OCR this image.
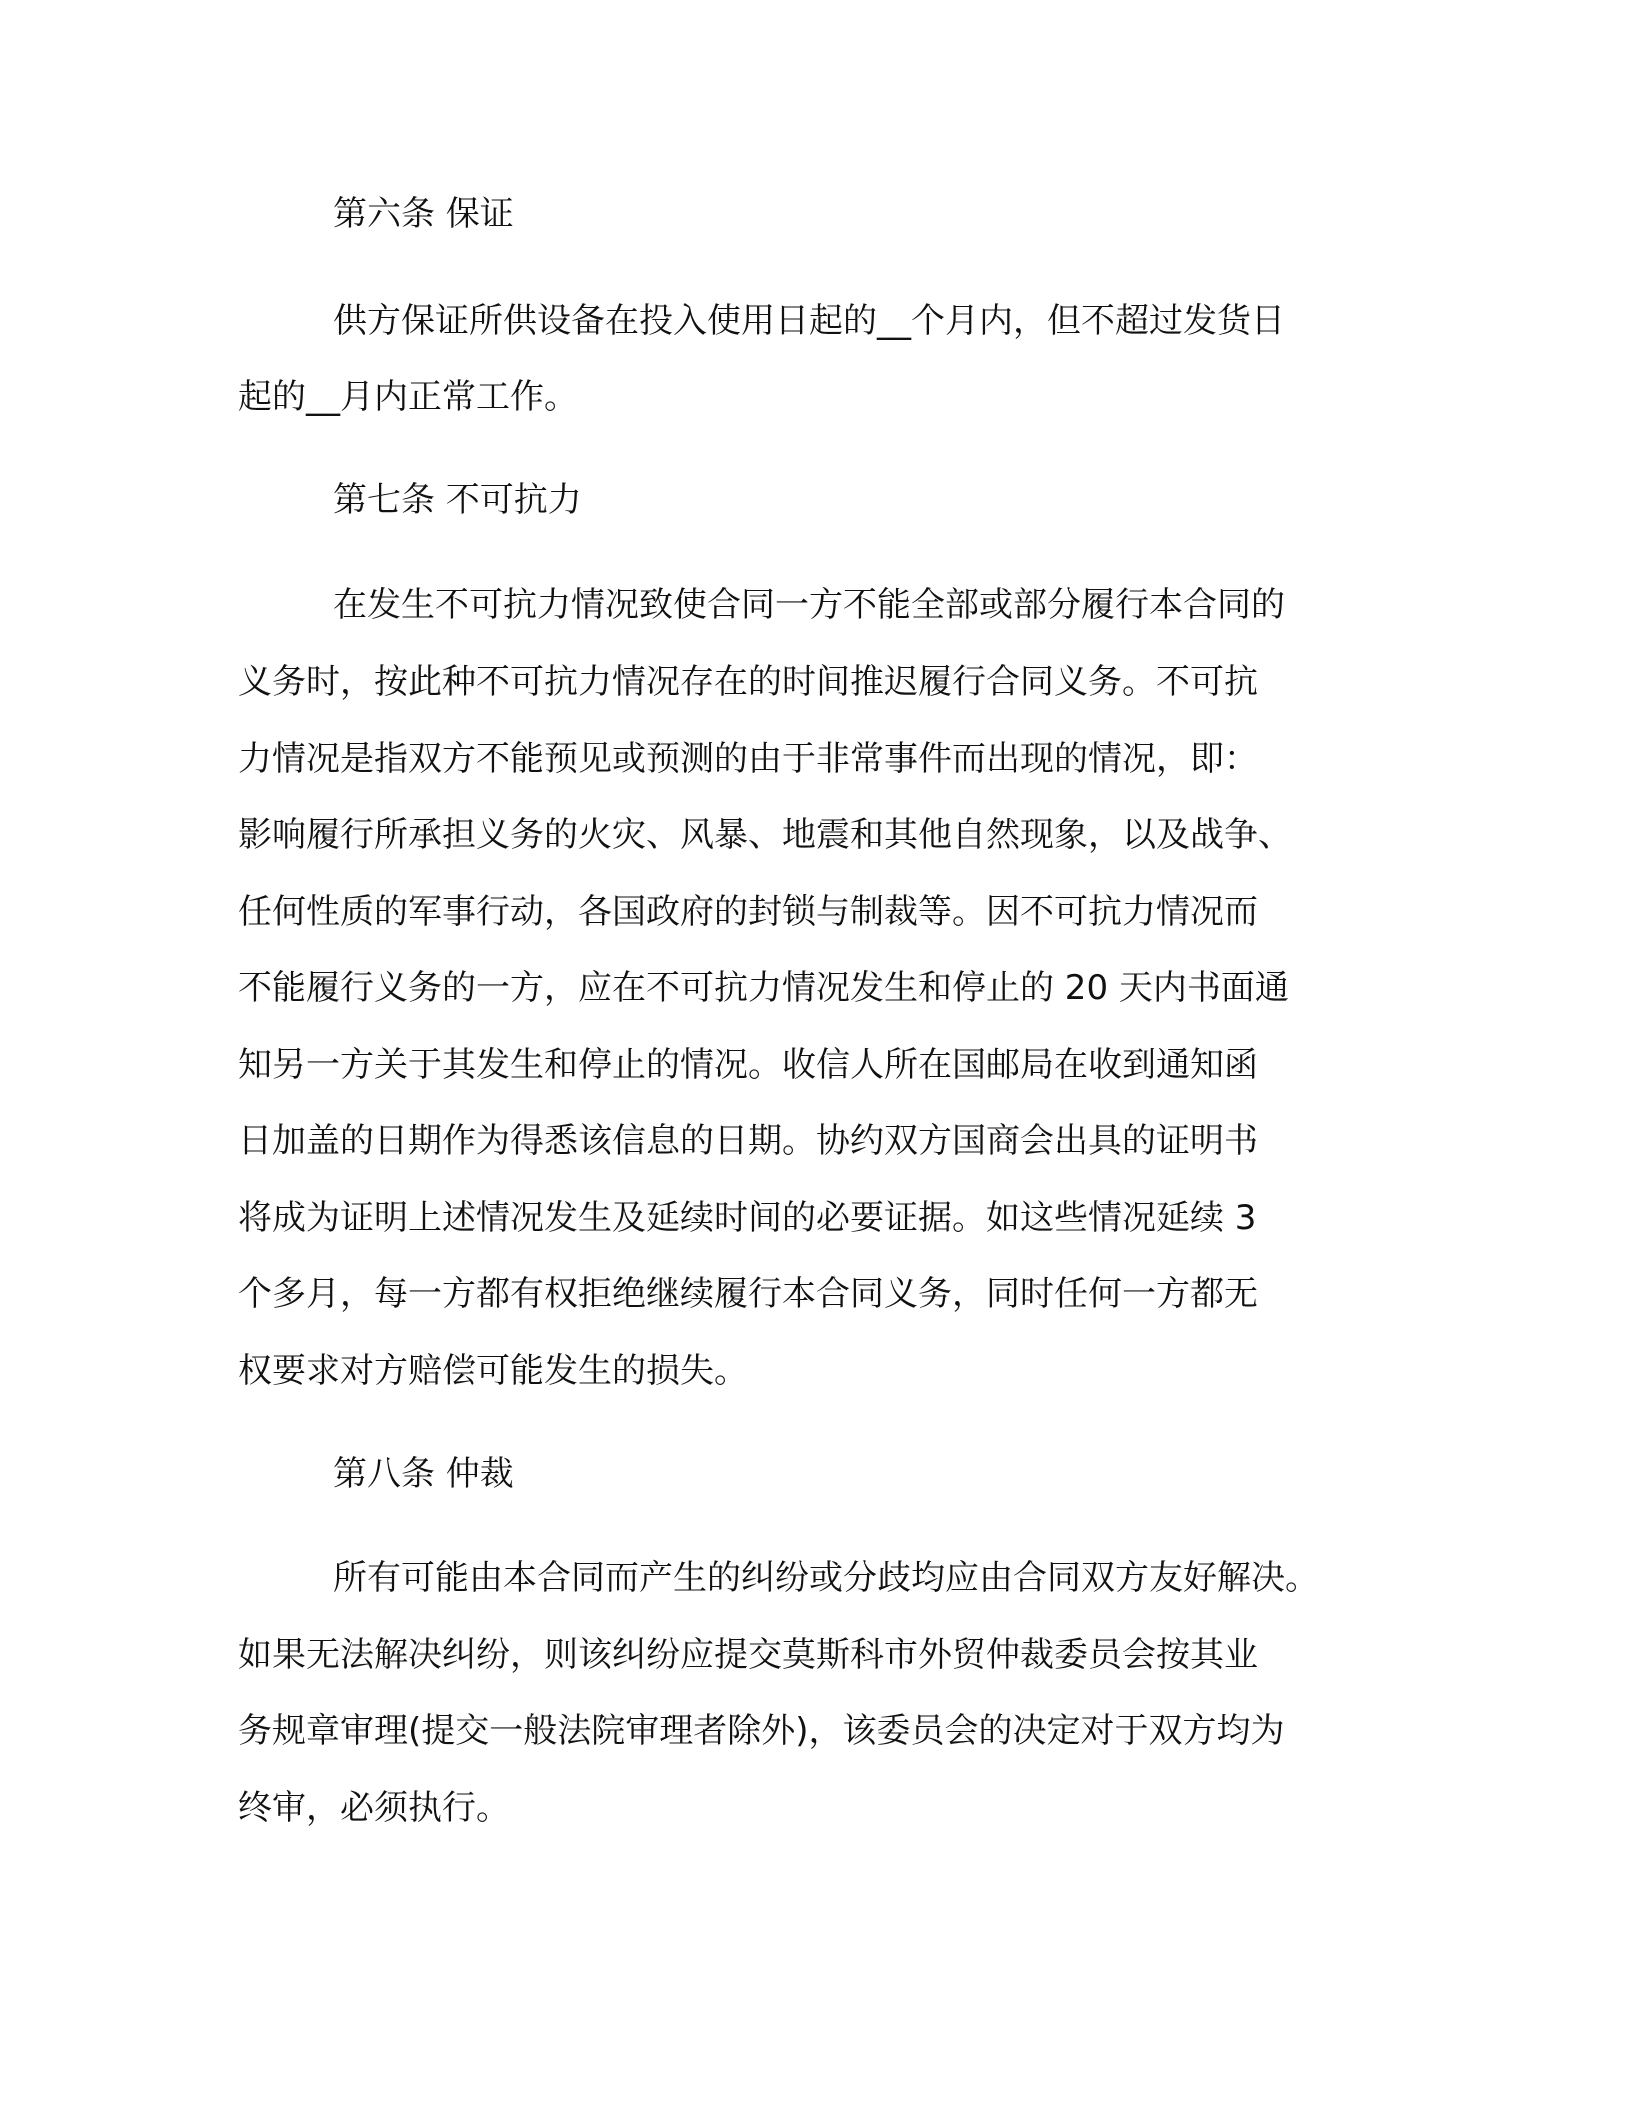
第六条 保证

供方保证所供设备在投入使用日起的__个月内，但不超过发货日

起的__月内正常工作。

第七条 不可抗力

在发生不可抗力情况致使合同一方不能全部或部分履行本合同的

义务时，按此种不可抗力情况存在的时间推迟履行合同义务。不可抗

力情况是指双方不能预见或预测的由于非常事件而出现的情况，即：

影响履行所承担义务的火灾、风暴、地震和其他自然现象，以及战争、

任何性质的军事行动，各国政府的封锁与制裁等。因不可抗力情况而

不能履行义务的一方，应在不可抗力情况发生和停止的 20 天内书面通

知另一方关于其发生和停止的情况。收信人所在国邮局在收到通知函

日加盖的日期作为得悉该信息的日期。协约双方国商会出具的证明书

将成为证明上述情况发生及延续时间的必要证据。如这些情况延续 3

个多月，每一方都有权拒绝继续履行本合同义务，同时任何一方都无

权要求对方赔偿可能发生的损失。

第八条 仲裁

所有可能由本合同而产生的纠纷或分歧均应由合同双方友好解决。

如果无法解决纠纷，则该纠纷应提交莫斯科市外贸仲裁委员会按其业

务规章审理(提交一般法院审理者除外)，该委员会的决定对于双方均为

终审，必须执行。
